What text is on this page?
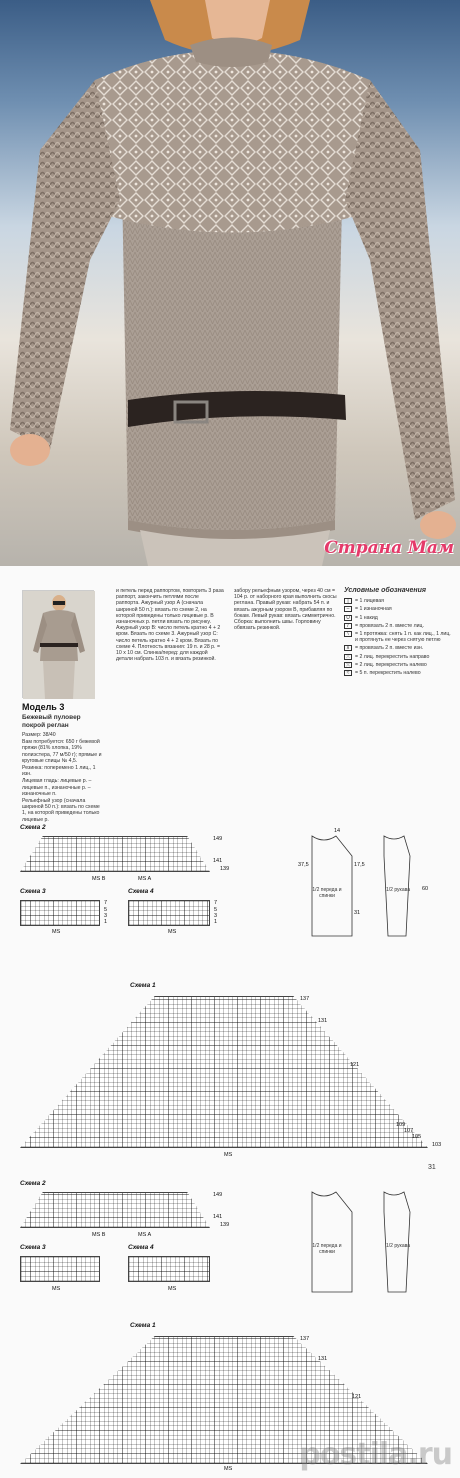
Страна Мам
Модель 3
Бежевый пуловер покрой реглан

Размер: 38/40

Вам потребуется: 650 г бежевой пряжи (81% хлопка, 19% полиэстера, 77 м/50 г); прямые и круговые спицы № 4,5.

Резинка: поперемено 1 лиц., 1 изн.

Лицевая гладь: лицевые р. – лицевые п., изнаночные р. – изнаночные п.

Рельефный узор (сначала шириной 50 п.): вязать по схеме 1, на которой приведены только лицевые р.

и петель перед раппортом, повторить 3 раза раппорт, закончить петлями после раппорта. Ажурный узор А (сначала шириной 50 п.): вязать по схеме 2, на которой приведены только лицевые р. В изнаночных р. петли вязать по рисунку. Ажурный узор В: число петель кратно 4 + 2 кром. Вязать по схеме 3. Ажурный узор С: число петель кратно 4 + 2 кром. Вязать по схеме 4. Плотность вязания: 19 п. и 28 р. = 10 х 10 см. Спинка/перед: для каждой детали набрать 103 п. и вязать резинкой.

забору рельефным узором, через 40 см = 104 р. от наборного края выполнить скосы реглана. Правый рукав: набрать 54 п. и вязать ажурным узором В, прибавляя по бокам. Левый рукав: вязать симметрично. Сборка: выполнить швы. Горловину обвязать резинкой.

Условные обозначения
|	= 1 лицевая
–	= 1 изнаночная
U = 1 накид
/	= провязать 2 п. вместе лиц.
\	= 1 протяжка: снять 1 п. как лиц., 1 лиц. и протянуть ее через снятую петлю
⊼ = провязать 2 п. вместе изн.
⤫ = 2 лиц. перекрестить направо
⤬ = 2 лиц. перекрестить налево
≈	= 5 п. перекрестить налево
Схема 2
149
141
139
MS B	MS A
Схема 3
7
5
3
1
MS
Схема 4
7
5
3
1
MS
1/2 переда и спинки
1/2 рукава
14
37,5	17,5
31
60
Схема 1
137
131
121
109
107
105
103
MS
31
Схема 2
149
141
139
MS B	MS A
Схема 3
MS
Схема 4
MS
1/2 переда и спинки
1/2 рукава
Схема 1
137
131
121
MS postila.ru
